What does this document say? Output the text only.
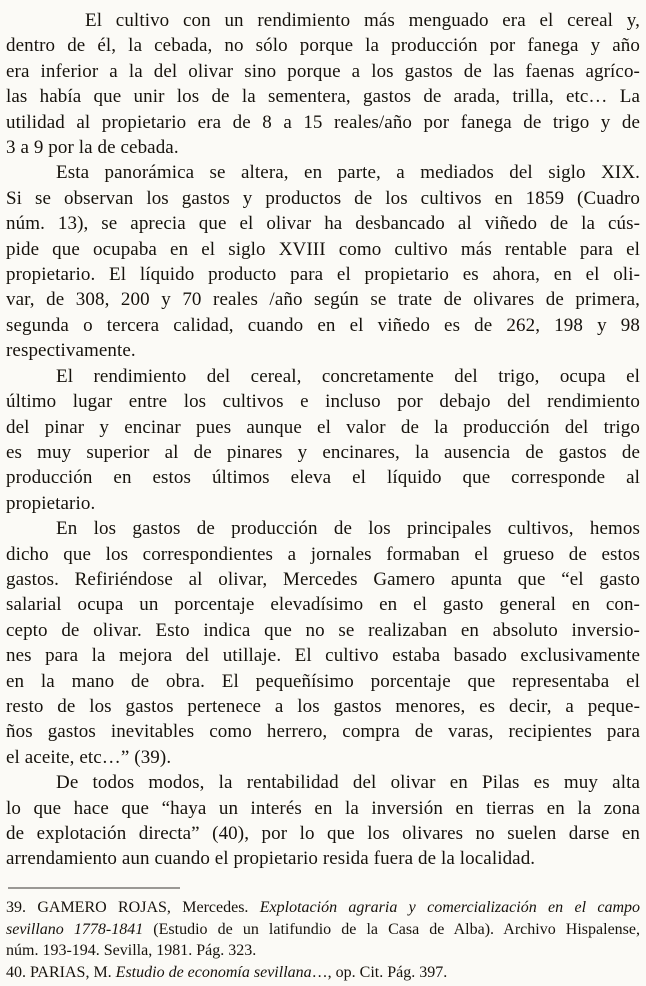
El cultivo con un rendimiento más menguado era el cereal y,
dentro de él, la cebada, no sólo porque la producción por fanega y año
era inferior a la del olivar sino porque a los gastos de las faenas agríco-
las había que unir los de la sementera, gastos de arada, trilla, etc… La
utilidad al propietario era de 8 a 15 reales/año por fanega de trigo y de
3 a 9 por la de cebada.
Esta panorámica se altera, en parte, a mediados del siglo XIX.
Si se observan los gastos y productos de los cultivos en 1859 (Cuadro
núm. 13), se aprecia que el olivar ha desbancado al viñedo de la cús-
pide que ocupaba en el siglo XVIII como cultivo más rentable para el
propietario. El líquido producto para el propietario es ahora, en el oli-
var, de 308, 200 y 70 reales /año según se trate de olivares de primera,
segunda o tercera calidad, cuando en el viñedo es de 262, 198 y 98
respectivamente.
El rendimiento del cereal, concretamente del trigo, ocupa el
último lugar entre los cultivos e incluso por debajo del rendimiento
del pinar y encinar pues aunque el valor de la producción del trigo
es muy superior al de pinares y encinares, la ausencia de gastos de
producción en estos últimos eleva el líquido que corresponde al
propietario.
En los gastos de producción de los principales cultivos, hemos
dicho que los correspondientes a jornales formaban el grueso de estos
gastos. Refiriéndose al olivar, Mercedes Gamero apunta que “el gasto
salarial ocupa un porcentaje elevadísimo en el gasto general en con-
cepto de olivar. Esto indica que no se realizaban en absoluto inversio-
nes para la mejora del utillaje. El cultivo estaba basado exclusivamente
en la mano de obra. El pequeñísimo porcentaje que representaba el
resto de los gastos pertenece a los gastos menores, es decir, a peque-
ños gastos inevitables como herrero, compra de varas, recipientes para
el aceite, etc…” (39).
De todos modos, la rentabilidad del olivar en Pilas es muy alta
lo que hace que “haya un interés en la inversión en tierras en la zona
de explotación directa” (40), por lo que los olivares no suelen darse en
arrendamiento aun cuando el propietario resida fuera de la localidad.
39. GAMERO ROJAS, Mercedes. Explotación agraria y comercialización en el campo
sevillano 1778-1841 (Estudio de un latifundio de la Casa de Alba). Archivo Hispalense,
núm. 193-194. Sevilla, 1981. Pág. 323.
40. PARIAS, M. Estudio de economía sevillana…, op. Cit. Pág. 397.
